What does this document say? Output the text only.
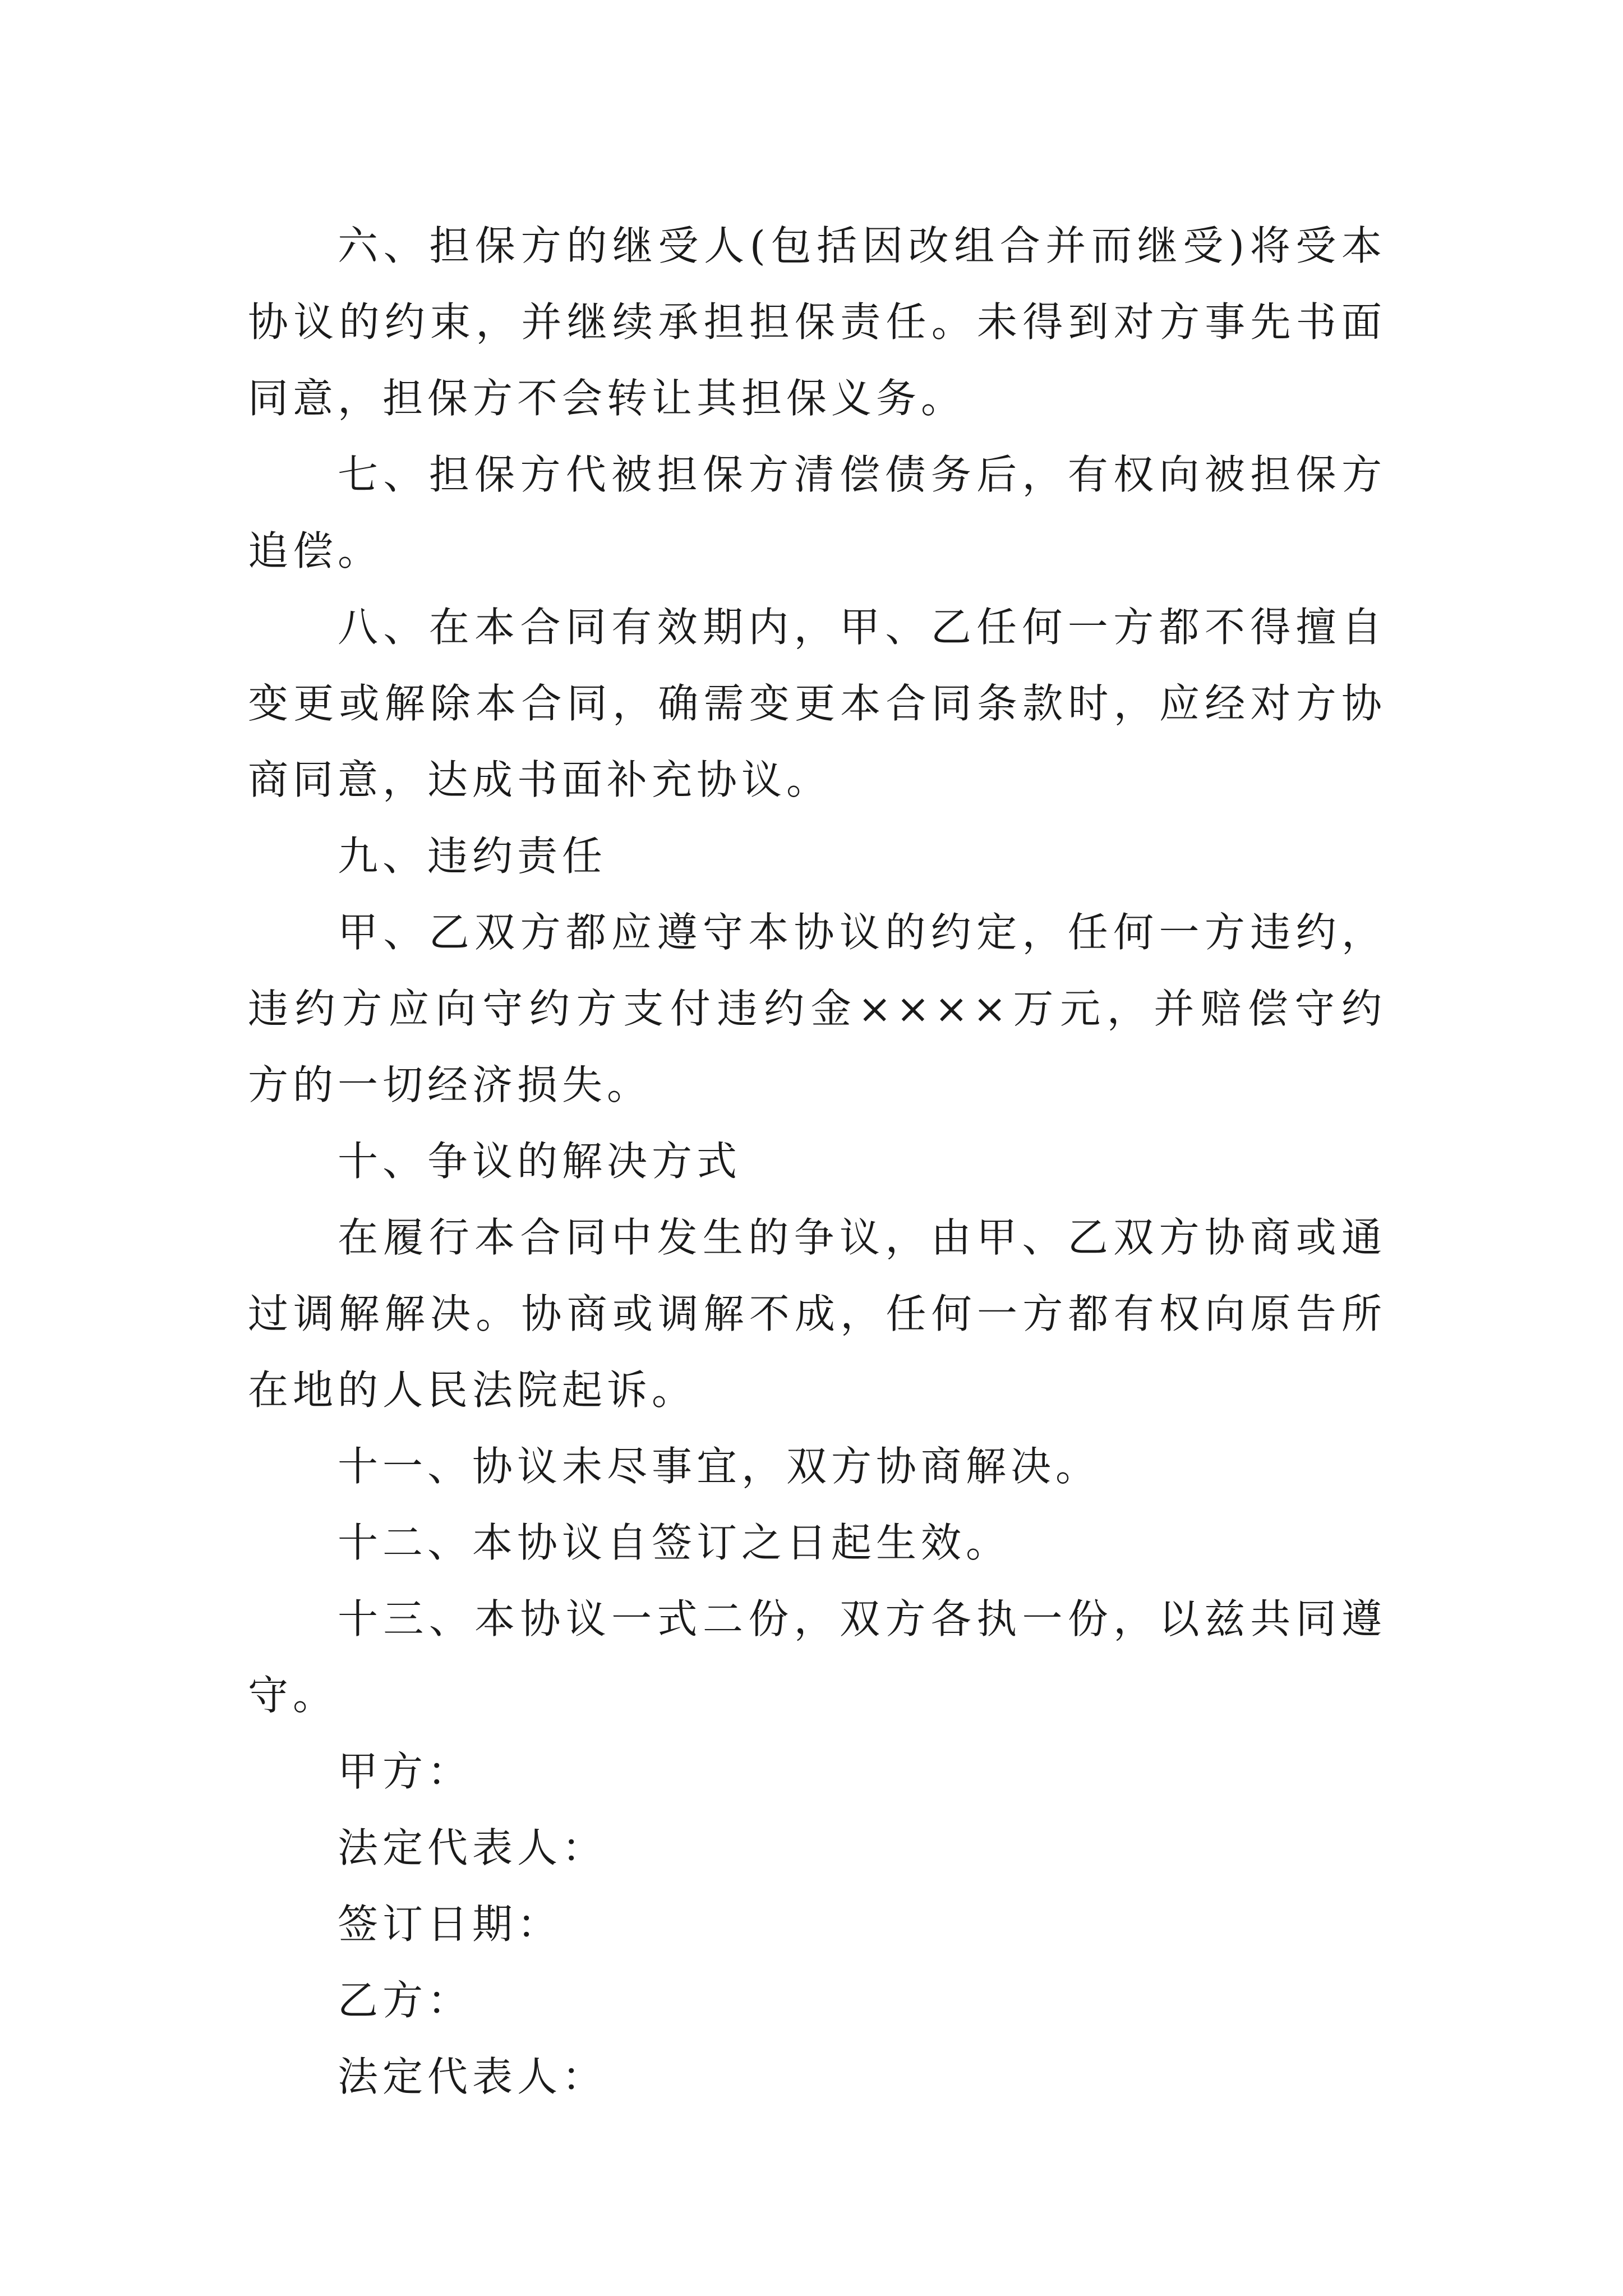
六、担保方的继受人(包括因改组合并而继受)将受本协议的约束，并继续承担担保责任。未得到对方事先书面同意，担保方不会转让其担保义务。

七、担保方代被担保方清偿债务后，有权向被担保方追偿。

八、在本合同有效期内，甲、乙任何一方都不得擅自变更或解除本合同，确需变更本合同条款时，应经对方协商同意，达成书面补充协议。

九、违约责任

甲、乙双方都应遵守本协议的约定，任何一方违约，违约方应向守约方支付违约金××××万元，并赔偿守约方的一切经济损失。

十、争议的解决方式

在履行本合同中发生的争议，由甲、乙双方协商或通过调解解决。协商或调解不成，任何一方都有权向原告所在地的人民法院起诉。

十一、协议未尽事宜，双方协商解决。

十二、本协议自签订之日起生效。

十三、本协议一式二份，双方各执一份，以兹共同遵守。

甲方：

法定代表人：

签订日期：

乙方：

法定代表人：
